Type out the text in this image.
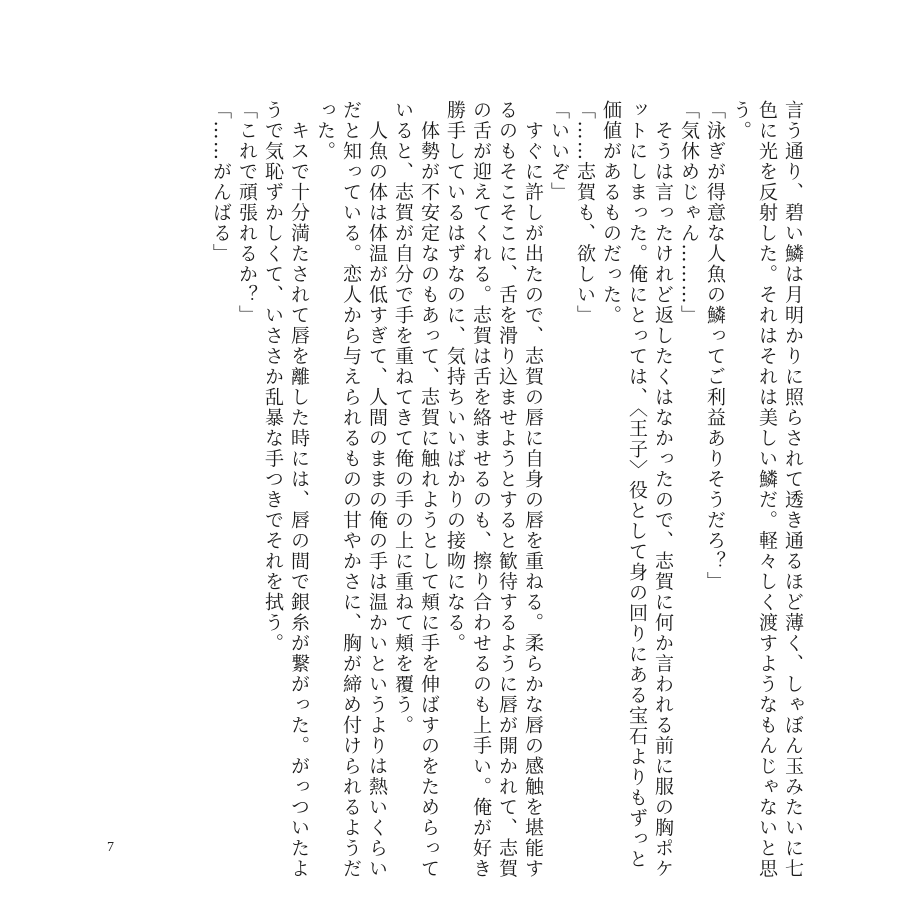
言う通り、碧い鱗は月明かりに照らされて透き通るほど薄く、しゃぼん玉みたいに七
色に光を反射した。それはそれは美しい鱗だ。軽々しく渡すようなもんじゃないと思
う。
「泳ぎが得意な人魚の鱗ってご利益ありそうだろ？」
「気休めじゃん………」
　そうは言ったけれど返したくはなかったので、志賀に何か言われる前に服の胸ポケ
ットにしまった。俺にとっては、〈王子〉役として身の回りにある宝石よりもずっと
価値があるものだった。
「……志賀も、欲しい」
「いいぞ」
　すぐに許しが出たので、志賀の唇に自身の唇を重ねる。柔らかな唇の感触を堪能す
るのもそこそこに、舌を滑り込ませようとすると歓待するように唇が開かれて、志賀
の舌が迎えてくれる。志賀は舌を絡ませるのも、擦り合わせるのも上手い。俺が好き
勝手しているはずなのに、気持ちいいばかりの接吻になる。
　体勢が不安定なのもあって、志賀に触れようとして頬に手を伸ばすのをためらって
いると、志賀が自分で手を重ねてきて俺の手の上に重ねて頬を覆う。
　人魚の体は体温が低すぎて、人間のままの俺の手は温かいというよりは熱いくらい
だと知っている。恋人から与えられるものの甘やかさに、胸が締め付けられるようだ
った。
　キスで十分満たされて唇を離した時には、唇の間で銀糸が繋がった。がっついたよ
うで気恥ずかしくて、いささか乱暴な手つきでそれを拭う。
「これで頑張れるか？」
「……がんばる」
7
